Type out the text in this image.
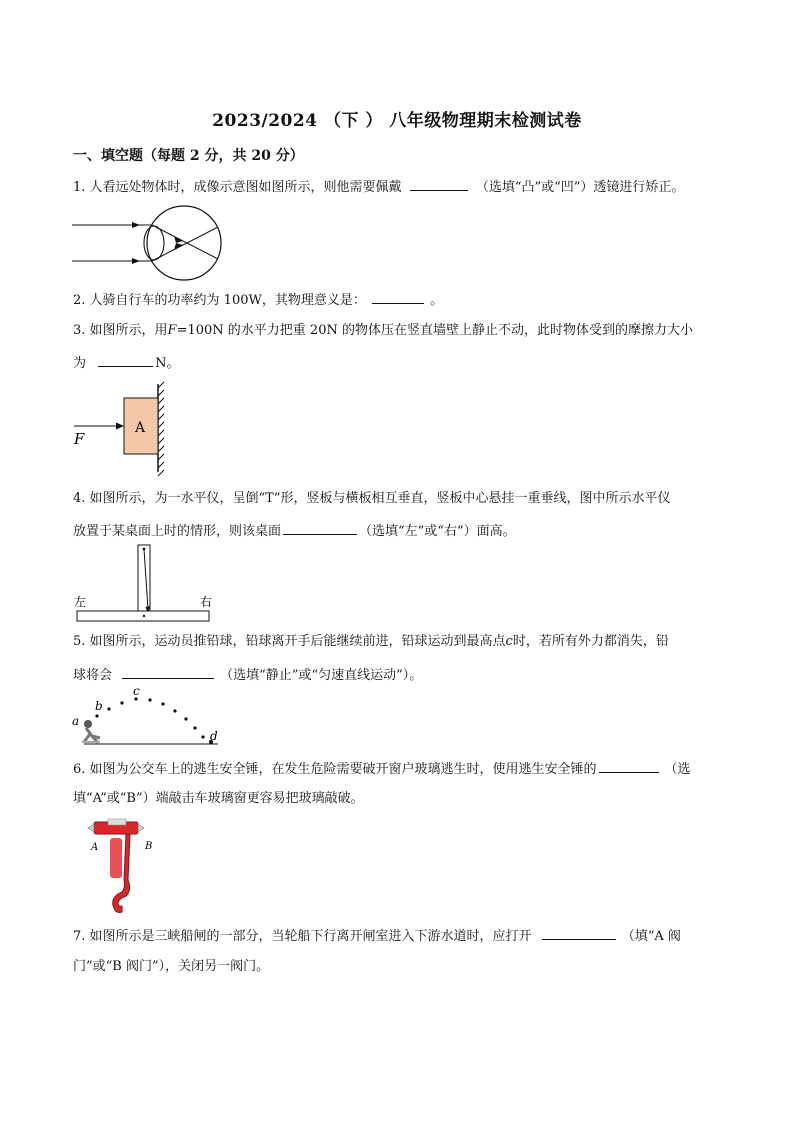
2023/2024 （下 ） 八年级物理期末检测试卷
一、填空题（每题 2 分，共 20 分）
1. 人看远处物体时，成像示意图如图所示，则他需要佩戴	（选填“凸”或“凹”）透镜进行矫正。
2. 人骑自行车的功率约为 100W，其物理意义是：	。
3. 如图所示，用F=100N 的水平力把重 20N 的物体压在竖直墙壁上静止不动，此时物体受到的摩擦力大小
为	N。
A
F
4. 如图所示，为一水平仪，呈倒“T”形，竖板与横板相互垂直，竖板中心悬挂一重垂线，图中所示水平仪
放置于某桌面上时的情形，则该桌面	（选填“左”或“右”）面高。
左	右
5. 如图所示，运动员推铅球，铅球离开手后能继续前进，铅球运动到最高点c时，若所有外力都消失，铅
球将会	（选填“静止”或“匀速直线运动”）。
a
b
c
d
6. 如图为公交车上的逃生安全锤，在发生危险需要破开窗户玻璃逃生时，使用逃生安全锤的	（选
填“A”或“B”）端敲击车玻璃窗更容易把玻璃敲破。
A	B
7. 如图所示是三峡船闸的一部分，当轮船下行离开闸室进入下游水道时，应打开	（填“A 阀
门”或“B 阀门”），关闭另一阀门。
